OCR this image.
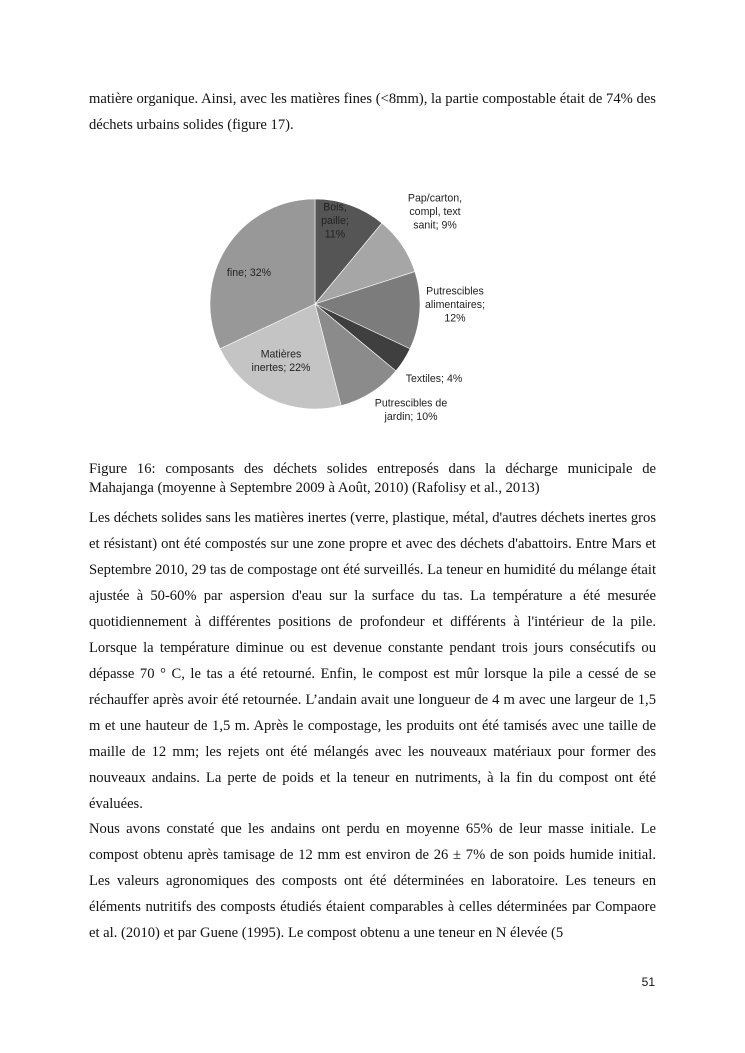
matière organique. Ainsi, avec les matières fines (<8mm), la partie compostable était de 74% des déchets urbains solides (figure 17).

Bois, paille; 11%
Pap/carton, compl, text sanit; 9%
Putrescibles alimentaires; 12%
Textiles; 4%
Putrescibles de jardin; 10%
Matières inertes; 22%
fine; 32%

Figure 16: composants des déchets solides entreposés dans la décharge municipale de Mahajanga (moyenne à Septembre 2009 à Août, 2010) (Rafolisy et al., 2013)

Les déchets solides sans les matières inertes (verre, plastique, métal, d'autres déchets inertes gros et résistant) ont été compostés sur une zone propre et avec des déchets d'abattoirs. Entre Mars et Septembre 2010, 29 tas de compostage ont été surveillés. La teneur en humidité du mélange était ajustée à 50-60% par aspersion d'eau sur la surface du tas. La température a été mesurée quotidiennement à différentes positions de profondeur et différents à l'intérieur de la pile. Lorsque la température diminue ou est devenue constante pendant trois jours consécutifs ou dépasse 70 ° C, le tas a été retourné. Enfin, le compost est mûr lorsque la pile a cessé de se réchauffer après avoir été retournée. L’andain avait une longueur de 4 m avec une largeur de 1,5 m et une hauteur de 1,5 m. Après le compostage, les produits ont été tamisés avec une taille de maille de 12 mm; les rejets ont été mélangés avec les nouveaux matériaux pour former des nouveaux andains. La perte de poids et la teneur en nutriments, à la fin du compost ont été évaluées.

Nous avons constaté que les andains ont perdu en moyenne 65% de leur masse initiale. Le compost obtenu après tamisage de 12 mm est environ de 26 ± 7% de son poids humide initial. Les valeurs agronomiques des composts ont été déterminées en laboratoire. Les teneurs en éléments nutritifs des composts étudiés étaient comparables à celles déterminées par Compaore et al. (2010) et par Guene (1995). Le compost obtenu a une teneur en N élevée (5

51
